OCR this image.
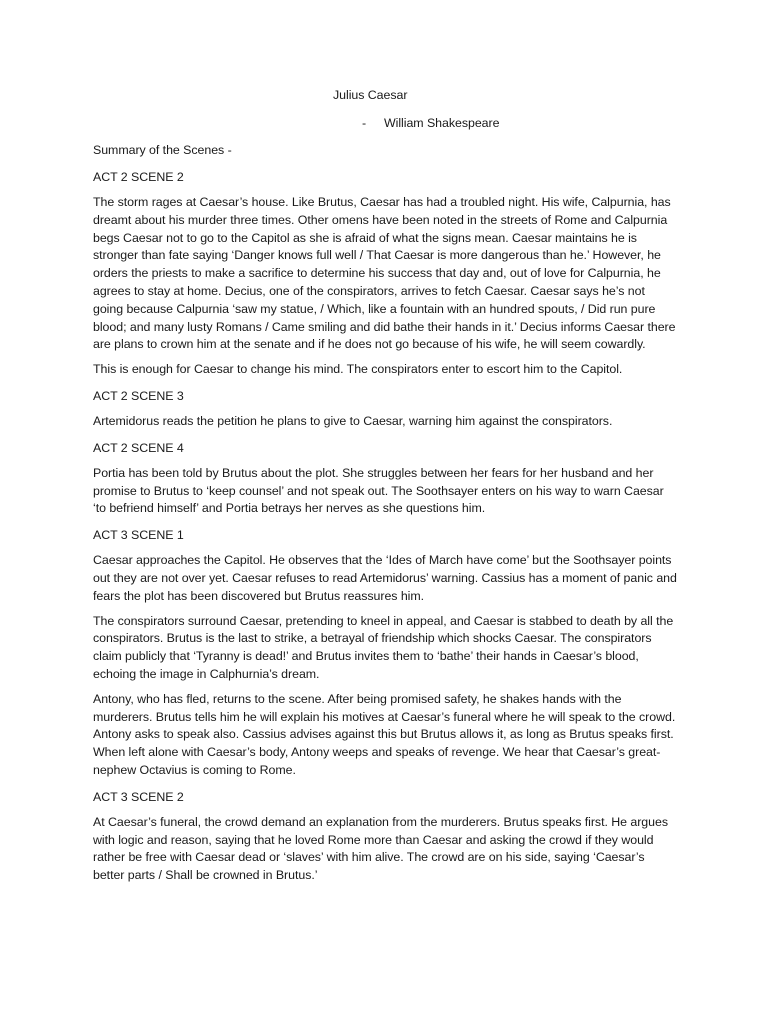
Julius Caesar

- William Shakespeare

Summary of the Scenes -

ACT 2 SCENE 2

The storm rages at Caesar’s house. Like Brutus, Caesar has had a troubled night. His wife, Calpurnia, has dreamt about his murder three times. Other omens have been noted in the streets of Rome and Calpurnia begs Caesar not to go to the Capitol as she is afraid of what the signs mean. Caesar maintains he is stronger than fate saying ‘Danger knows full well / That Caesar is more dangerous than he.’ However, he orders the priests to make a sacrifice to determine his success that day and, out of love for Calpurnia, he agrees to stay at home. Decius, one of the conspirators, arrives to fetch Caesar. Caesar says he’s not going because Calpurnia ‘saw my statue, / Which, like a fountain with an hundred spouts, / Did run pure blood; and many lusty Romans / Came smiling and did bathe their hands in it.’ Decius informs Caesar there are plans to crown him at the senate and if he does not go because of his wife, he will seem cowardly.

This is enough for Caesar to change his mind. The conspirators enter to escort him to the Capitol.

ACT 2 SCENE 3

Artemidorus reads the petition he plans to give to Caesar, warning him against the conspirators.

ACT 2 SCENE 4

Portia has been told by Brutus about the plot. She struggles between her fears for her husband and her promise to Brutus to ‘keep counsel’ and not speak out. The Soothsayer enters on his way to warn Caesar ‘to befriend himself’ and Portia betrays her nerves as she questions him.

ACT 3 SCENE 1

Caesar approaches the Capitol. He observes that the ‘Ides of March have come’ but the Soothsayer points out they are not over yet. Caesar refuses to read Artemidorus’ warning. Cassius has a moment of panic and fears the plot has been discovered but Brutus reassures him.

The conspirators surround Caesar, pretending to kneel in appeal, and Caesar is stabbed to death by all the conspirators. Brutus is the last to strike, a betrayal of friendship which shocks Caesar. The conspirators claim publicly that ‘Tyranny is dead!’ and Brutus invites them to ‘bathe’ their hands in Caesar’s blood, echoing the image in Calphurnia’s dream.

Antony, who has fled, returns to the scene. After being promised safety, he shakes hands with the murderers. Brutus tells him he will explain his motives at Caesar’s funeral where he will speak to the crowd. Antony asks to speak also. Cassius advises against this but Brutus allows it, as long as Brutus speaks first. When left alone with Caesar’s body, Antony weeps and speaks of revenge. We hear that Caesar’s great-nephew Octavius is coming to Rome.

ACT 3 SCENE 2

At Caesar’s funeral, the crowd demand an explanation from the murderers. Brutus speaks first. He argues with logic and reason, saying that he loved Rome more than Caesar and asking the crowd if they would rather be free with Caesar dead or ‘slaves’ with him alive. The crowd are on his side, saying ‘Caesar’s better parts / Shall be crowned in Brutus.’
